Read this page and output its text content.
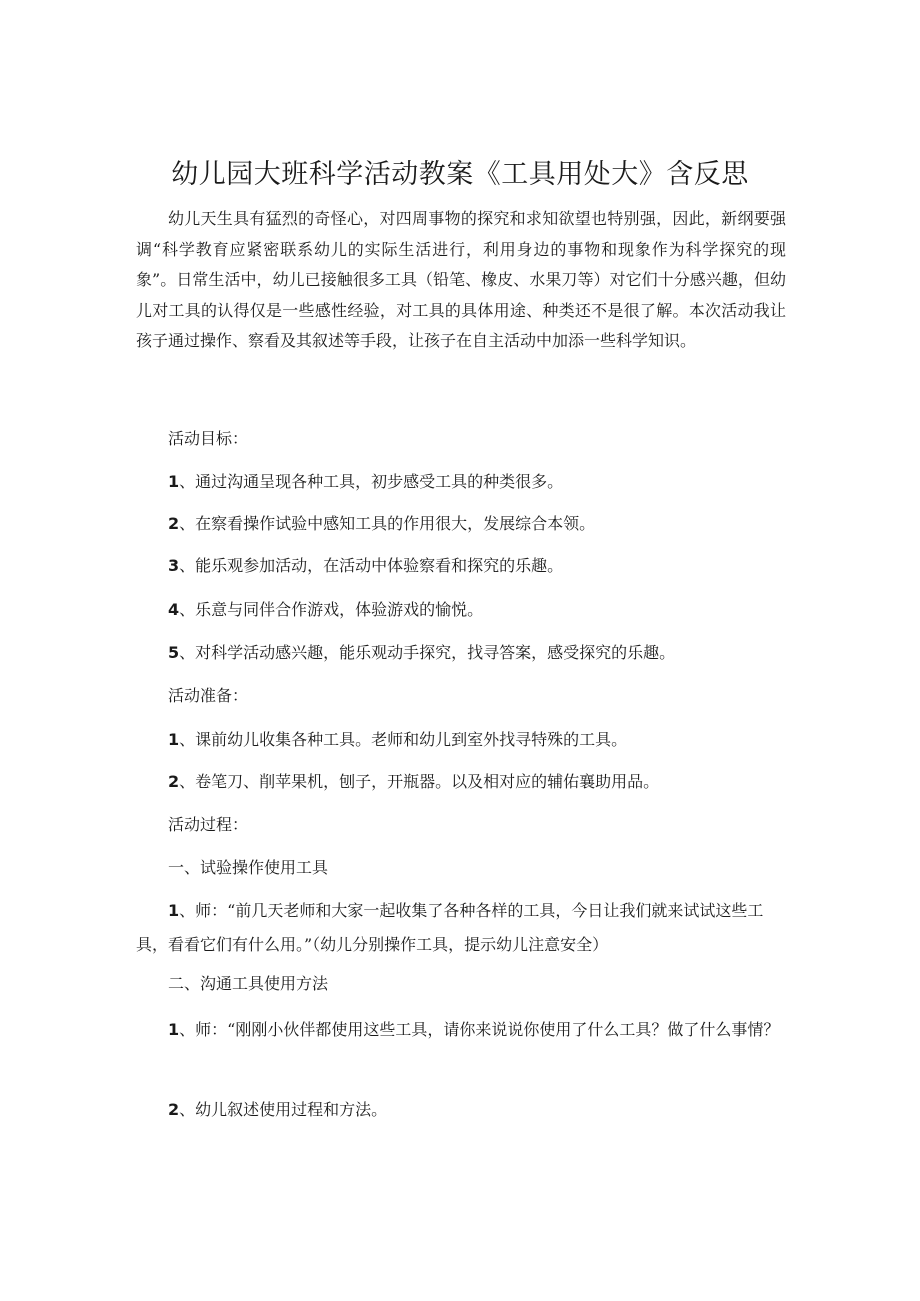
幼儿园大班科学活动教案《工具用处大》含反思

幼儿天生具有猛烈的奇怪心，对四周事物的探究和求知欲望也特别强，因此，新纲要强调“科学教育应紧密联系幼儿的实际生活进行，利用身边的事物和现象作为科学探究的现象”。日常生活中，幼儿已接触很多工具（铅笔、橡皮、水果刀等）对它们十分感兴趣，但幼儿对工具的认得仅是一些感性经验，对工具的具体用途、种类还不是很了解。本次活动我让孩子通过操作、察看及其叙述等手段，让孩子在自主活动中加添一些科学知识。

活动目标：

1、通过沟通呈现各种工具，初步感受工具的种类很多。

2、在察看操作试验中感知工具的作用很大，发展综合本领。

3、能乐观参加活动，在活动中体验察看和探究的乐趣。

4、乐意与同伴合作游戏，体验游戏的愉悦。

5、对科学活动感兴趣，能乐观动手探究，找寻答案，感受探究的乐趣。

活动准备：

1、课前幼儿收集各种工具。老师和幼儿到室外找寻特殊的工具。

2、卷笔刀、削苹果机，刨子，开瓶器。以及相对应的辅佑襄助用品。

活动过程：

一、试验操作使用工具

1、师：“前几天老师和大家一起收集了各种各样的工具，今日让我们就来试试这些工具，看看它们有什么用。”（幼儿分别操作工具，提示幼儿注意安全）

二、沟通工具使用方法

1、师：“刚刚小伙伴都使用这些工具，请你来说说你使用了什么工具？做了什么事情？

2、幼儿叙述使用过程和方法。
